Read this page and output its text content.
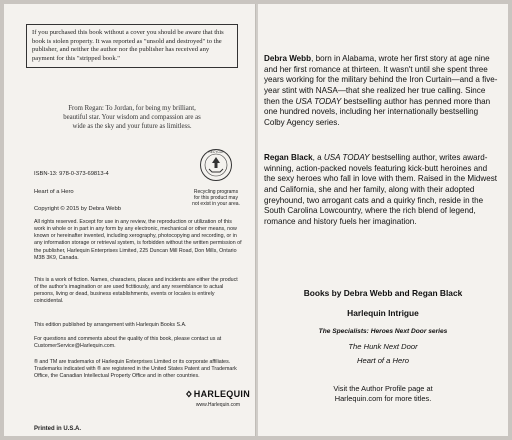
If you purchased this book without a cover you should be aware that this book is stolen property. It was reported as "unsold and destroyed" to the publisher, and neither the author nor the publisher has received any payment for this "stripped book."
From Regan: To Jordan, for being my brilliant,
beautiful star. Your wisdom and compassion are as
wide as the sky and your future as limitless.
ISBN-13: 978-0-373-69813-4
Heart of a Hero
Copyright © 2015 by Debra Webb
RECYCLE
Recycling programs
for this product may
not exist in your area.
All rights reserved. Except for use in any review, the reproduction or utilization of this work in whole or in part in any form by any electronic, mechanical or other means, now known or hereinafter invented, including xerography, photocopying and recording, or in any information storage or retrieval system, is forbidden without the written permission of the publisher, Harlequin Enterprises Limited, 225 Duncan Mill Road, Don Mills, Ontario M3B 3K9, Canada.
This is a work of fiction. Names, characters, places and incidents are either the product of the author's imagination or are used fictitiously, and any resemblance to actual persons, living or dead, business establishments, events or locales is entirely coincidental.
This edition published by arrangement with Harlequin Books S.A.
For questions and comments about the quality of this book, please contact us at CustomerService@Harlequin.com.
® and TM are trademarks of Harlequin Enterprises Limited or its corporate affiliates. Trademarks indicated with ® are registered in the United States Patent and Trademark Office, the Canadian Intellectual Property Office and in other countries.
Printed in U.S.A.
HARLEQUIN
www.Harlequin.com
Debra Webb, born in Alabama, wrote her first story at age nine and her first romance at thirteen. It wasn't until she spent three years working for the military behind the Iron Curtain—and a five-year stint with NASA—that she realized her true calling. Since then the USA TODAY bestselling author has penned more than one hundred novels, including her internationally bestselling Colby Agency series.
Regan Black, a USA TODAY bestselling author, writes award-winning, action-packed novels featuring kick-butt heroines and the sexy heroes who fall in love with them. Raised in the Midwest and California, she and her family, along with their adopted greyhound, two arrogant cats and a quirky finch, reside in the South Carolina Lowcountry, where the rich blend of legend, romance and history fuels her imagination.
Books by Debra Webb and Regan Black
Harlequin Intrigue
The Specialists: Heroes Next Door series
The Hunk Next Door
Heart of a Hero
Visit the Author Profile page at
Harlequin.com for more titles.
